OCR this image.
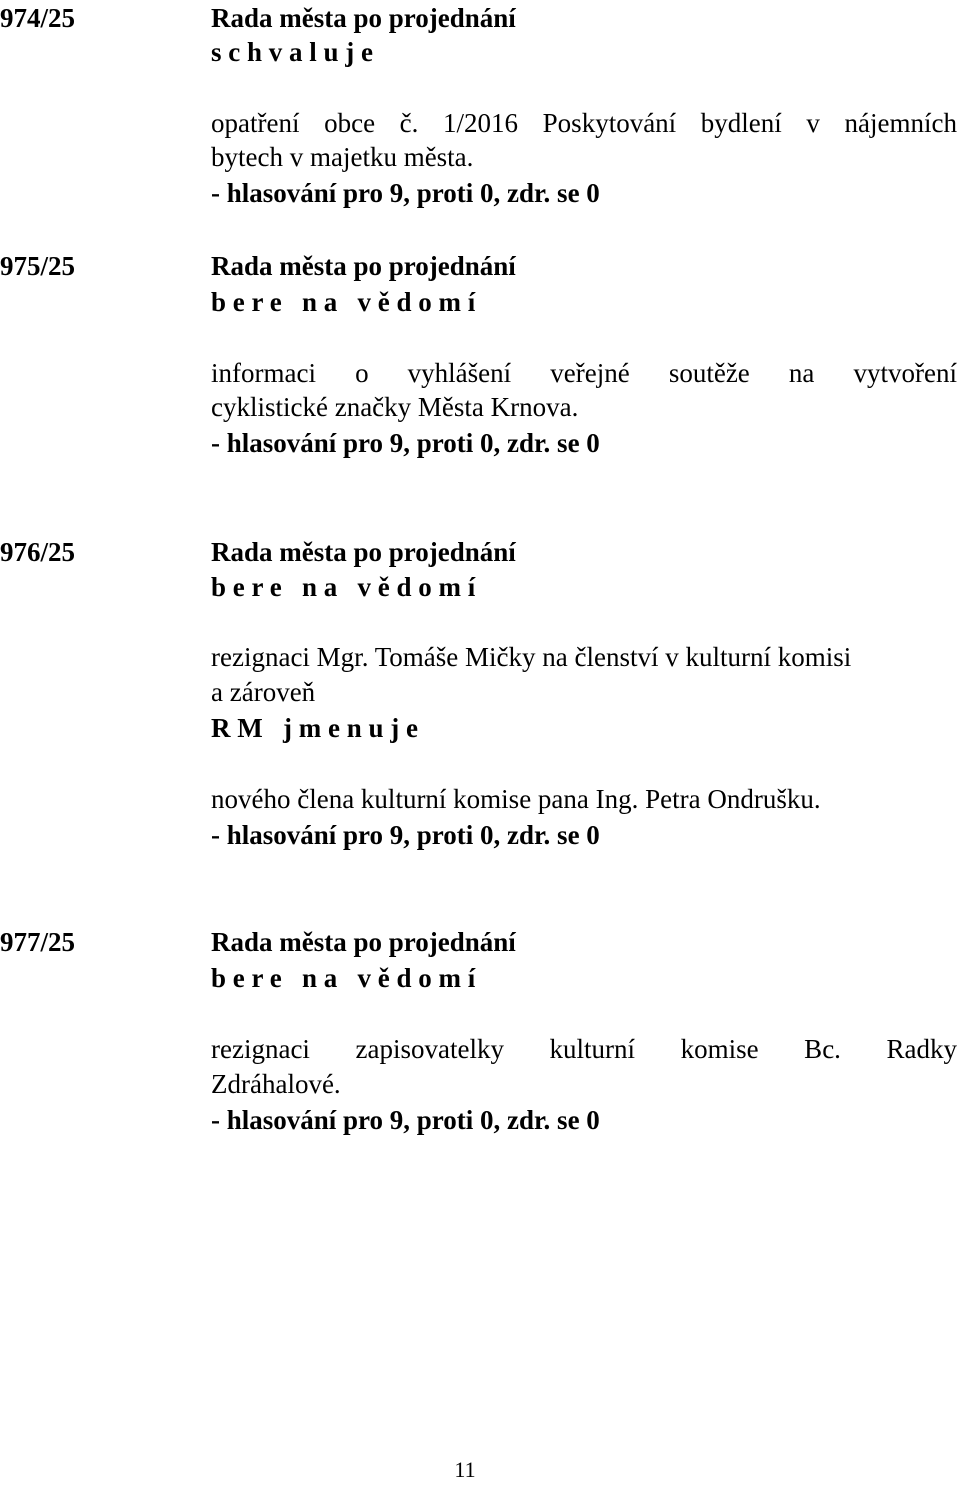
974/25	Rada města po projednání
s c h v a l u j e
opatření obce č. 1/2016 Poskytování bydlení v nájemních
bytech v majetku města.
- hlasování pro 9, proti 0, zdr. se 0
975/25	Rada města po projednání
b e r e   n a   v ě d o m í
informaci o vyhlášení veřejné soutěže na vytvoření
cyklistické značky Města Krnova.
- hlasování pro 9, proti 0, zdr. se 0
976/25	Rada města po projednání
b e r e   n a   v ě d o m í
rezignaci Mgr. Tomáše Mičky na členství v kulturní komisi
a zároveň
R M   j m e n u j e
nového člena kulturní komise pana Ing. Petra Ondrušku.
- hlasování pro 9, proti 0, zdr. se 0
977/25	Rada města po projednání
b e r e   n a   v ě d o m í
rezignaci zapisovatelky kulturní komise Bc. Radky
Zdráhalové.
- hlasování pro 9, proti 0, zdr. se 0
11
